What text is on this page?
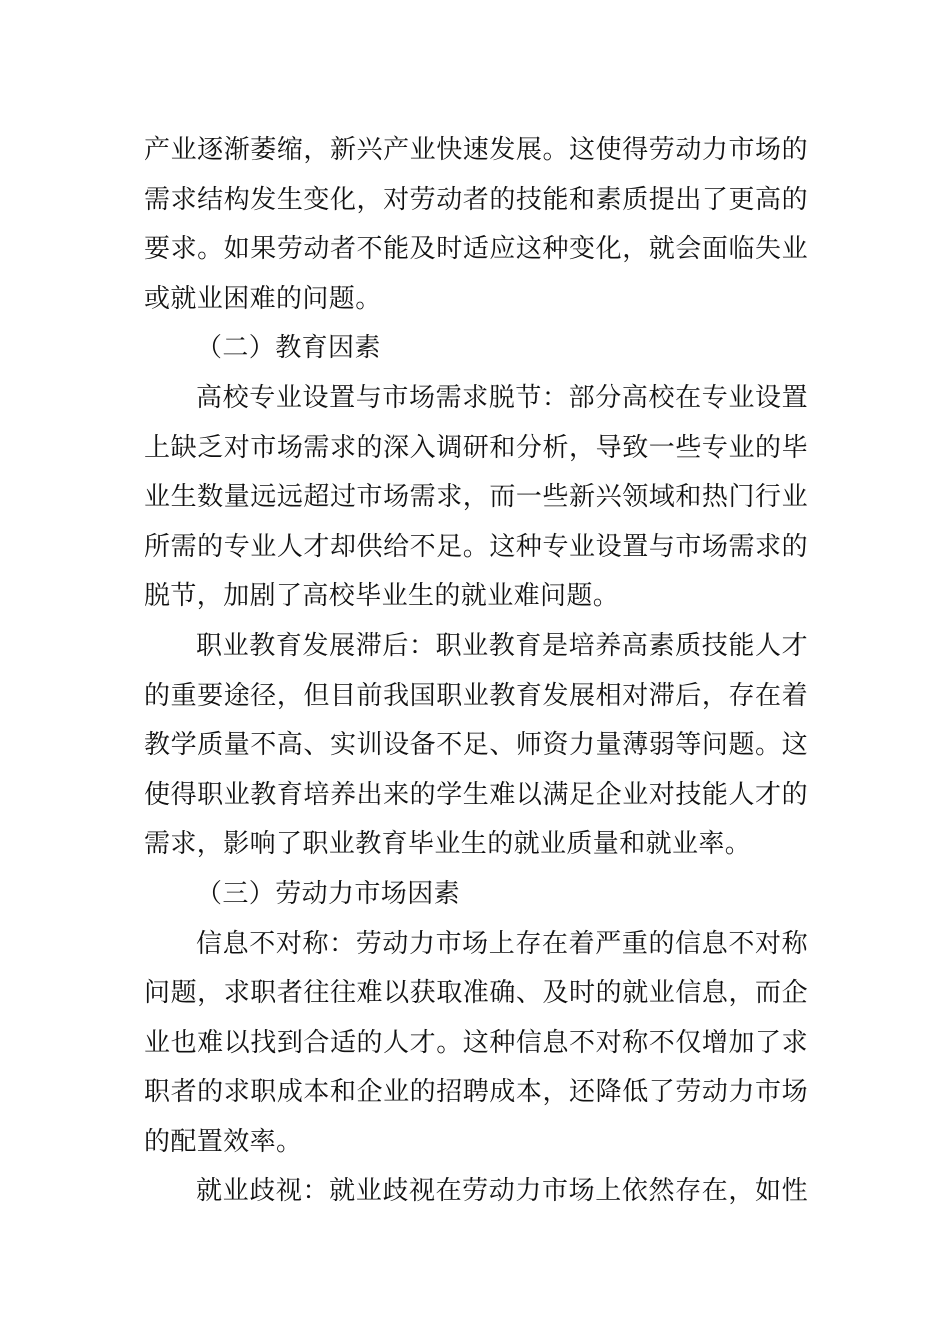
产业逐渐萎缩，新兴产业快速发展。这使得劳动力市场的
需求结构发生变化，对劳动者的技能和素质提出了更高的
要求。如果劳动者不能及时适应这种变化，就会面临失业
或就业困难的问题。
（二）教育因素
高校专业设置与市场需求脱节：部分高校在专业设置
上缺乏对市场需求的深入调研和分析，导致一些专业的毕
业生数量远远超过市场需求，而一些新兴领域和热门行业
所需的专业人才却供给不足。这种专业设置与市场需求的
脱节，加剧了高校毕业生的就业难问题。
职业教育发展滞后：职业教育是培养高素质技能人才
的重要途径，但目前我国职业教育发展相对滞后，存在着
教学质量不高、实训设备不足、师资力量薄弱等问题。这
使得职业教育培养出来的学生难以满足企业对技能人才的
需求，影响了职业教育毕业生的就业质量和就业率。
（三）劳动力市场因素
信息不对称：劳动力市场上存在着严重的信息不对称
问题，求职者往往难以获取准确、及时的就业信息，而企
业也难以找到合适的人才。这种信息不对称不仅增加了求
职者的求职成本和企业的招聘成本，还降低了劳动力市场
的配置效率。
就业歧视：就业歧视在劳动力市场上依然存在，如性
